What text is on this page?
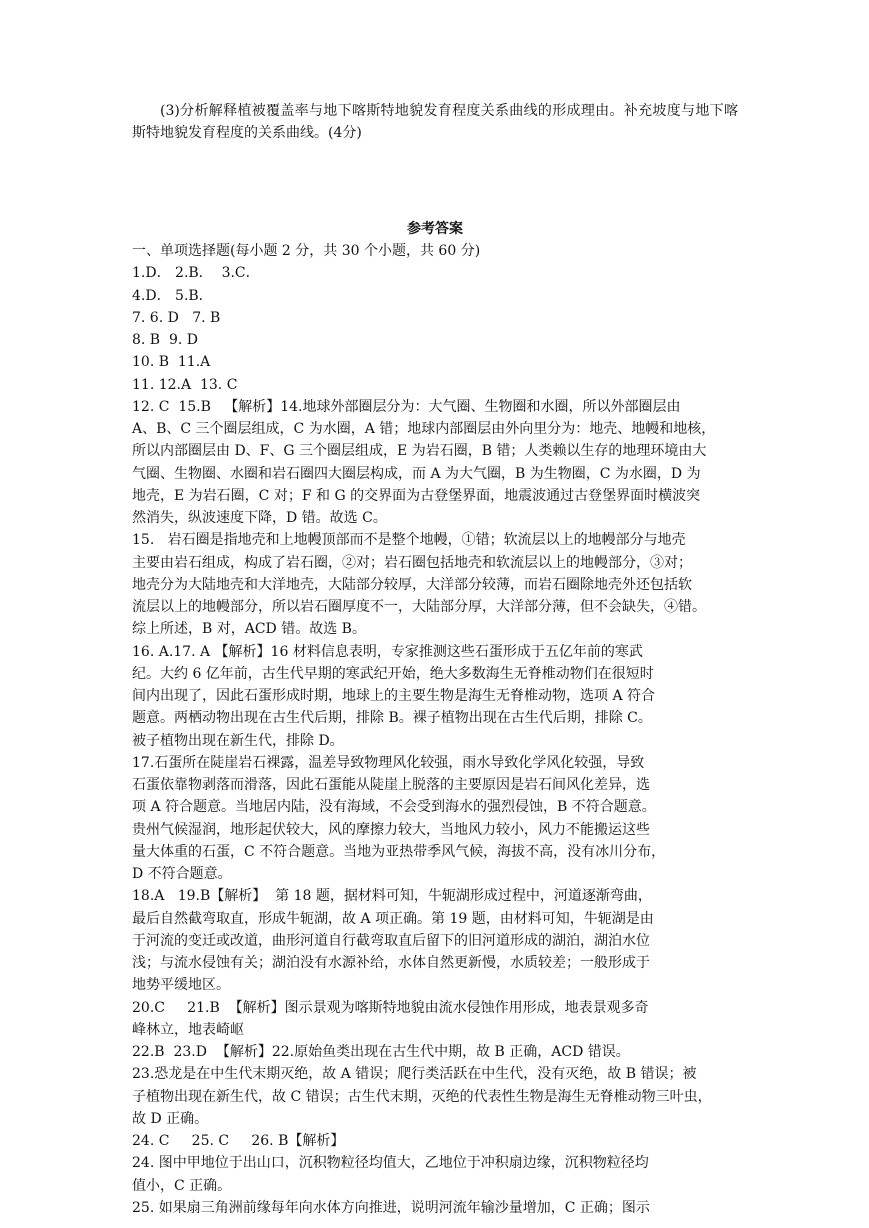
(3)分析解释植被覆盖率与地下喀斯特地貌发育程度关系曲线的形成理由。补充坡度与地下喀斯特地貌发育程度的关系曲线。(4分)

参考答案
一、单项选择题(每小题 2 分，共 30 个小题，共 60 分)
1.D． 2.B．  3.C．
4.D． 5.B．
7. 6. D   7. B
8. B  9. D
10. B  11.A
11. 12.A  13. C
12. C  15.B   【解析】14.地球外部圈层分为：大气圈、生物圈和水圈，所以外部圈层由
A、B、C 三个圈层组成，C 为水圈，A 错；地球内部圈层由外向里分为：地壳、地幔和地核，
所以内部圈层由 D、F、G 三个圈层组成，E 为岩石圈，B 错；人类赖以生存的地理环境由大
气圈、生物圈、水圈和岩石圈四大圈层构成，而 A 为大气圈，B 为生物圈，C 为水圈，D 为
地壳，E 为岩石圈，C 对；F 和 G 的交界面为古登堡界面，地震波通过古登堡界面时横波突
然消失，纵波速度下降，D 错。故选 C。
15.   岩石圈是指地壳和上地幔顶部而不是整个地幔，①错；软流层以上的地幔部分与地壳
主要由岩石组成，构成了岩石圈，②对；岩石圈包括地壳和软流层以上的地幔部分，③对；
地壳分为大陆地壳和大洋地壳，大陆部分较厚，大洋部分较薄，而岩石圈除地壳外还包括软
流层以上的地幔部分，所以岩石圈厚度不一，大陆部分厚，大洋部分薄，但不会缺失，④错。
综上所述，B 对，ACD 错。故选 B。
16. A.17. A 【解析】16 材料信息表明，专家推测这些石蛋形成于五亿年前的寒武
纪。大约 6 亿年前，古生代早期的寒武纪开始，绝大多数海生无脊椎动物们在很短时
间内出现了，因此石蛋形成时期，地球上的主要生物是海生无脊椎动物，选项 A 符合
题意。两栖动物出现在古生代后期，排除 B。裸子植物出现在古生代后期，排除 C。
被子植物出现在新生代，排除 D。
17.石蛋所在陡崖岩石裸露，温差导致物理风化较强，雨水导致化学风化较强，导致
石蛋依靠物剥落而滑落，因此石蛋能从陡崖上脱落的主要原因是岩石间风化差异，选
项 A 符合题意。当地居内陆，没有海域，不会受到海水的强烈侵蚀，B 不符合题意。
贵州气候湿润，地形起伏较大，风的摩擦力较大，当地风力较小，风力不能搬运这些
量大体重的石蛋，C 不符合题意。当地为亚热带季风气候，海拔不高，没有冰川分布，
D 不符合题意。
18.A   19.B【解析】  第 18 题，据材料可知，牛轭湖形成过程中，河道逐渐弯曲，
最后自然截弯取直，形成牛轭湖，故 A 项正确。第 19 题，由材料可知，牛轭湖是由
于河流的变迁或改道，曲形河道自行截弯取直后留下的旧河道形成的湖泊，湖泊水位
浅；与流水侵蚀有关；湖泊没有水源补给，水体自然更新慢，水质较差；一般形成于
地势平缓地区。
20.C     21.B  【解析】图示景观为喀斯特地貌由流水侵蚀作用形成，地表景观多奇
峰林立，地表崎岖
22.B  23.D  【解析】22.原始鱼类出现在古生代中期，故 B 正确，ACD 错误。
23.恐龙是在中生代末期灭绝，故 A 错误；爬行类活跃在中生代，没有灭绝，故 B 错误；被
子植物出现在新生代，故 C 错误；古生代末期，灭绝的代表性生物是海生无脊椎动物三叶虫，
故 D 正确。
24. C     25. C     26. B【解析】
24. 图中甲地位于出山口，沉积物粒径均值大，乙地位于冲积扇边缘，沉积物粒径均
值小，C 正确。
25. 如果扇三角洲前缘每年向水体方向推进，说明河流年输沙量增加，C 正确；图示
